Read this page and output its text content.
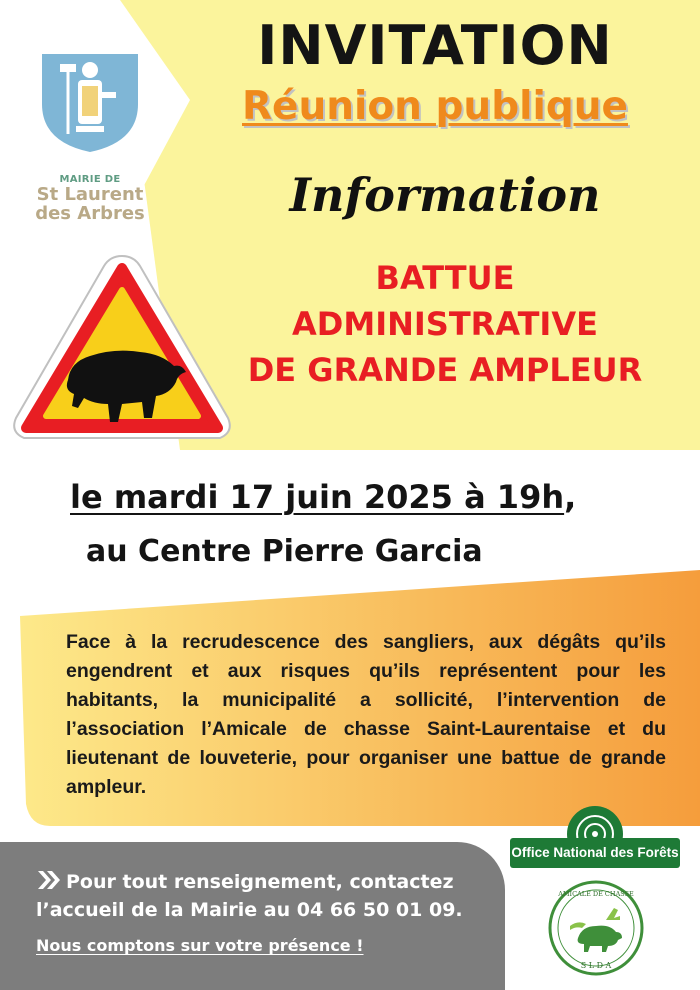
MAIRIE DE
St Laurent
des Arbres
INVITATION
Réunion publique
Information
BATTUE
ADMINISTRATIVE
DE GRANDE AMPLEUR
le mardi 17 juin 2025 à 19h,
au Centre Pierre Garcia
Face à la recrudescence des sangliers, aux dégâts qu’ils engendrent et aux risques qu’ils représentent pour les habitants, la municipalité a sollicité, l’intervention de l’association l’Amicale de chasse Saint-Laurentaise et du lieutenant de louveterie, pour organiser une battue de grande ampleur.
Pour tout renseignement, contactez l’accueil de la Mairie au 04 66 50 01 09.
Nous comptons sur votre présence !
Office National des Forêts
AMICALE DE CHASSE
S L D A
